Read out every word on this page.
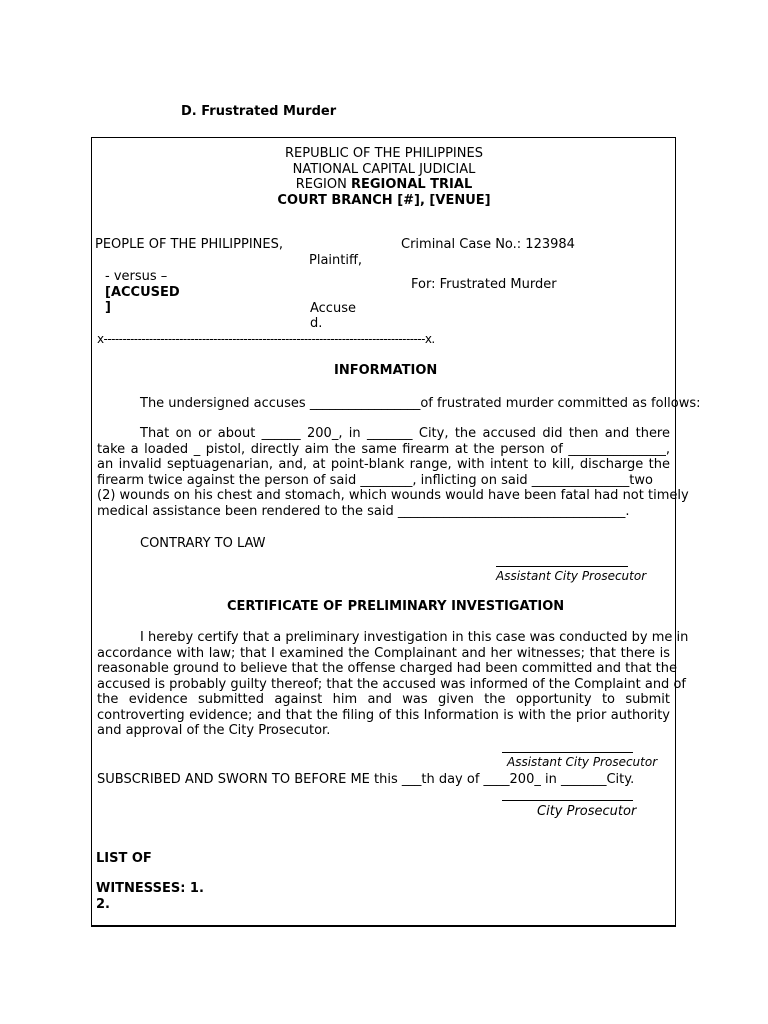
D. Frustrated Murder
REPUBLIC OF THE PHILIPPINES
NATIONAL CAPITAL JUDICIAL
REGION REGIONAL TRIAL
COURT BRANCH [#], [VENUE]
PEOPLE OF THE PHILIPPINES,
Plaintiff,
- versus –
[ACCUSED
]	Accuse
d.
Criminal Case No.: 123984
For: Frustrated Murder
x-------------------------------------------------------------------------------------x.
INFORMATION
The undersigned accuses _________________of frustrated murder committed as follows:
That on or about ______ 200_, in _______ City, the accused did then and there
take a loaded _ pistol, directly aim the same firearm at the person of _______________,
an invalid septuagenarian, and, at point-blank range, with intent to kill, discharge the
firearm twice against the person of said ________, inflicting on said _______________two
(2) wounds on his chest and stomach, which wounds would have been fatal had not timely
medical assistance been rendered to the said ___________________________________.
CONTRARY TO LAW
Assistant City Prosecutor
CERTIFICATE OF PRELIMINARY INVESTIGATION
I hereby certify that a preliminary investigation in this case was conducted by me in
accordance with law; that I examined the Complainant and her witnesses; that there is
reasonable ground to believe that the offense charged had been committed and that the
accused is probably guilty thereof; that the accused was informed of the Complaint and of
the evidence submitted against him and was given the opportunity to submit
controverting evidence; and that the filing of this Information is with the prior authority
and approval of the City Prosecutor.
Assistant City Prosecutor
SUBSCRIBED AND SWORN TO BEFORE ME this ___th day of ____200_ in _______City.
City Prosecutor
LIST OF
WITNESSES: 1.
2.
